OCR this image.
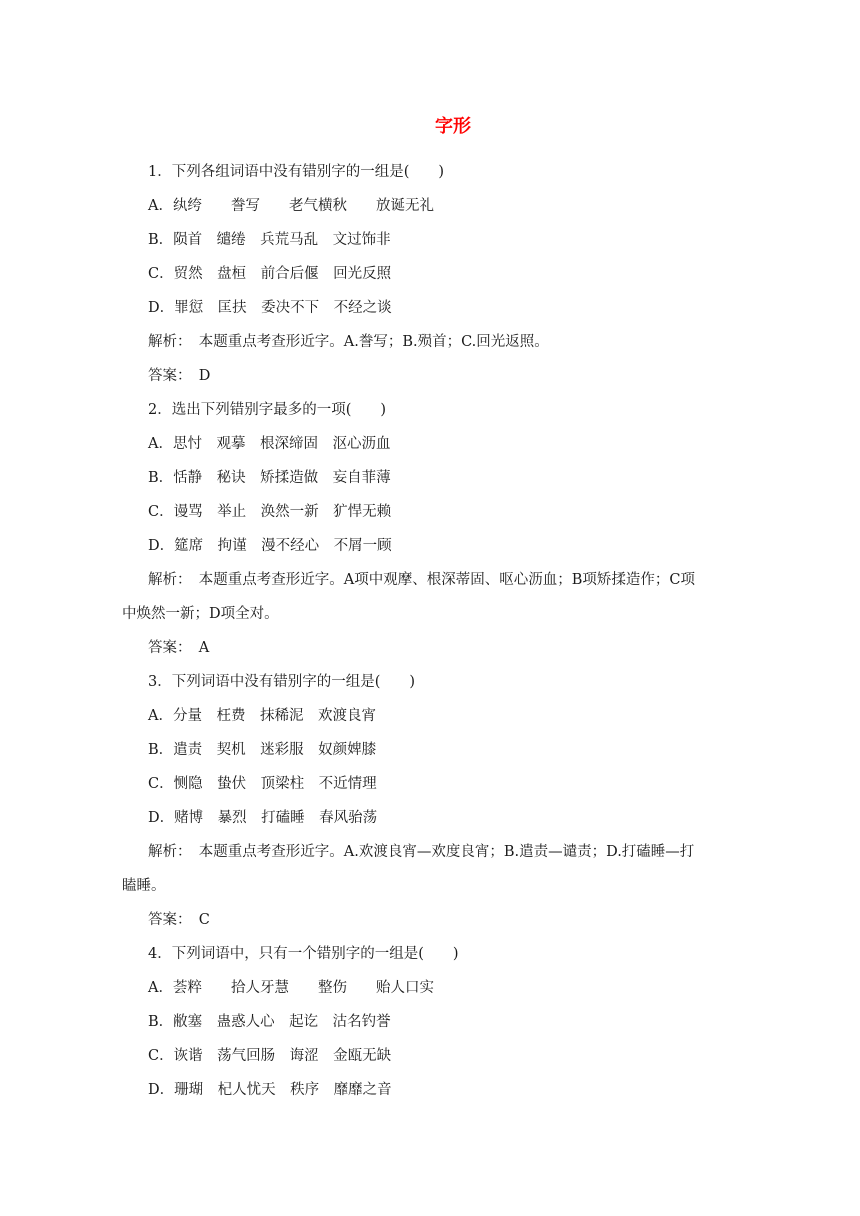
字形
1．下列各组词语中没有错别字的一组是(　　)
A．纨绔　　誊写　　老气横秋　　放诞无礼
B．陨首　缱绻　兵荒马乱　文过饰非
C．贸然　盘桓　前合后偃　回光反照
D．罪愆　匡扶　委决不下　不经之谈
解析：　本题重点考查形近字。A.誊写；B.殒首；C.回光返照。
答案：　D
2．选出下列错别字最多的一项(　　)
A．思忖　观摹　根深缔固　沤心沥血
B．恬静　秘诀　矫揉造做　妄自菲薄
C．谩骂　举止　涣然一新　犷悍无赖
D．筵席　拘谨　漫不经心　不屑一顾
解析：　本题重点考查形近字。A项中观摩、根深蒂固、呕心沥血；B项矫揉造作；C项
中焕然一新；D项全对。
答案：　A
3．下列词语中没有错别字的一组是(　　)
A．分量　枉费　抹稀泥　欢渡良宵
B．遣责　契机　迷彩服　奴颜婢膝
C．恻隐　蛰伏　顶梁柱　不近情理
D．赌博　暴烈　打磕睡　春风骀荡
解析：　本题重点考查形近字。A.欢渡良宵—欢度良宵；B.遣责—谴责；D.打磕睡—打
瞌睡。
答案：　C
4．下列词语中，只有一个错别字的一组是(　　)
A．荟粹　　拾人牙慧　　整伤　　贻人口实
B．敝塞　蛊惑人心　起讫　沽名钓誉
C．诙谐　荡气回肠　诲涩　金瓯无缺
D．珊瑚　杞人忧天　秩序　靡靡之音
